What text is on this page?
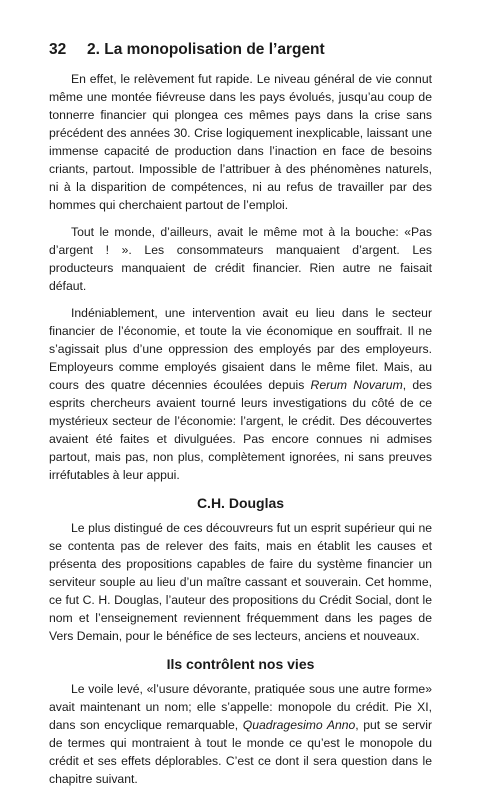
32	2. La monopolisation de l’argent

En effet, le relèvement fut rapide. Le niveau général de vie connut même une montée fiévreuse dans les pays évolués, jusqu’au coup de tonnerre financier qui plongea ces mêmes pays dans la crise sans précédent des années 30. Crise logiquement inexplicable, laissant une immense capacité de production dans l’inaction en face de besoins criants, partout. Impossible de l’attribuer à des phénomènes naturels, ni à la disparition de compétences, ni au refus de travailler par des hommes qui cherchaient partout de l’emploi.

Tout le monde, d’ailleurs, avait le même mot à la bouche: «Pas d’argent ! ». Les consommateurs manquaient d’argent. Les producteurs manquaient de crédit financier. Rien autre ne faisait défaut.

Indéniablement, une intervention avait eu lieu dans le secteur financier de l’économie, et toute la vie économique en souffrait. Il ne s’agissait plus d’une oppression des employés par des employeurs. Employeurs comme employés gisaient dans le même filet. Mais, au cours des quatre décennies écoulées depuis Rerum Novarum, des esprits chercheurs avaient tourné leurs investigations du côté de ce mystérieux secteur de l’économie: l’argent, le crédit. Des découvertes avaient été faites et divulguées. Pas encore connues ni admises partout, mais pas, non plus, complètement ignorées, ni sans preuves irréfutables à leur appui.

C.H. Douglas

Le plus distingué de ces découvreurs fut un esprit supérieur qui ne se contenta pas de relever des faits, mais en établit les causes et présenta des propositions capables de faire du système financier un serviteur souple au lieu d’un maître cassant et souverain. Cet homme, ce fut C. H. Douglas, l’auteur des propositions du Crédit Social, dont le nom et l’enseignement reviennent fréquemment dans les pages de Vers Demain, pour le bénéfice de ses lecteurs, anciens et nouveaux.

Ils contrôlent nos vies

Le voile levé, «l’usure dévorante, pratiquée sous une autre forme» avait maintenant un nom; elle s’appelle: monopole du crédit. Pie XI, dans son encyclique remarquable, Quadragesimo Anno, put se servir de termes qui montraient à tout le monde ce qu’est le monopole du crédit et ses effets déplorables. C’est ce dont il sera question dans le chapitre suivant.
